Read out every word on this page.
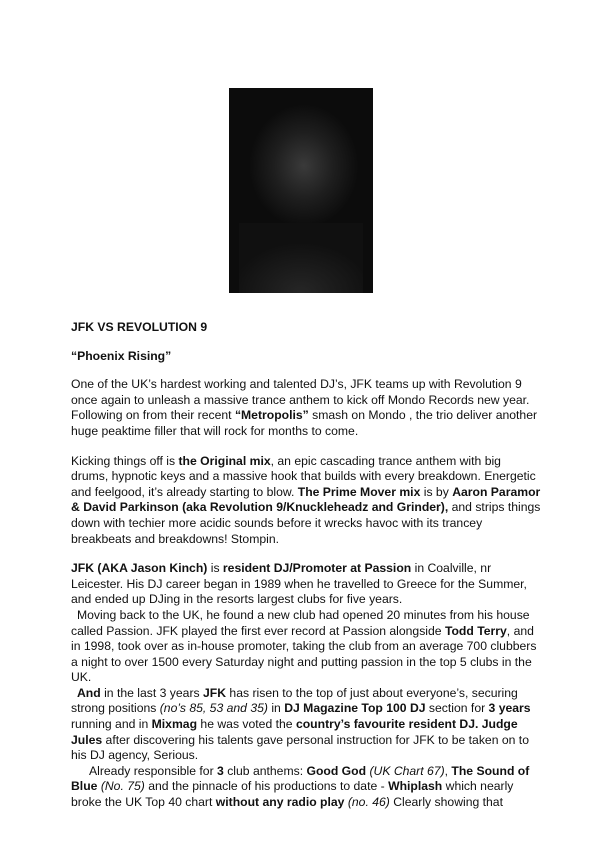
JFK VS REVOLUTION 9

“Phoenix Rising”

One of the UK’s hardest working and talented DJ’s, JFK teams up with Revolution 9 once again to unleash a massive trance anthem to kick off Mondo Records new year. Following on from their recent “Metropolis” smash on Mondo , the trio deliver another huge peaktime filler that will rock for months to come.

Kicking things off is the Original mix, an epic cascading trance anthem with big drums, hypnotic keys and a massive hook that builds with every breakdown. Energetic and feelgood, it’s already starting to blow. The Prime Mover mix is by Aaron Paramor & David Parkinson (aka Revolution 9/Knuckleheadz and Grinder), and strips things down with techier more acidic sounds before it wrecks havoc with its trancey breakbeats and breakdowns! Stompin.

JFK (AKA Jason Kinch) is resident DJ/Promoter at Passion in Coalville, nr Leicester. His DJ career began in 1989 when he travelled to Greece for the Summer, and ended up DJing in the resorts largest clubs for five years.

Moving back to the UK, he found a new club had opened 20 minutes from his house called Passion. JFK played the first ever record at Passion alongside Todd Terry, and in 1998, took over as in-house promoter, taking the club from an average 700 clubbers a night to over 1500 every Saturday night and putting passion in the top 5 clubs in the UK.

And in the last 3 years JFK has risen to the top of just about everyone’s, securing strong positions (no’s 85, 53 and 35) in DJ Magazine Top 100 DJ section for 3 years running and in Mixmag he was voted the country’s favourite resident DJ. Judge Jules after discovering his talents gave personal instruction for JFK to be taken on to his DJ agency, Serious.

Already responsible for 3 club anthems: Good God (UK Chart 67), The Sound of Blue (No. 75) and the pinnacle of his productions to date - Whiplash which nearly broke the UK Top 40 chart without any radio play (no. 46) Clearly showing that
